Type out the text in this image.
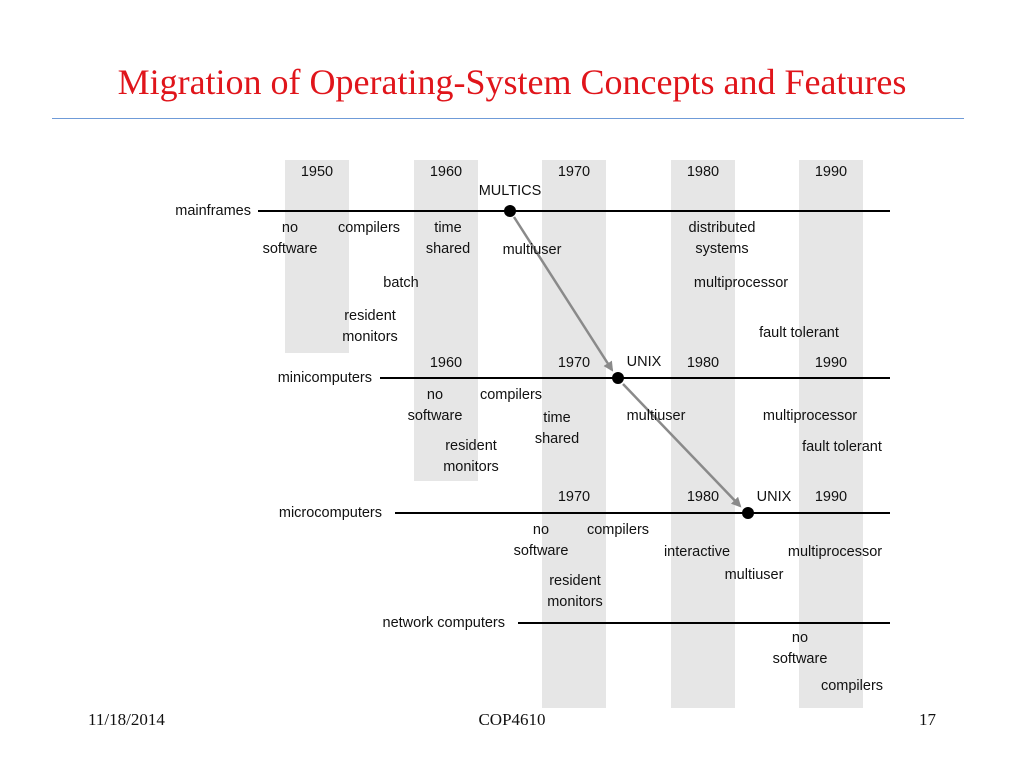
Migration of Operating-System Concepts and Features
1950	1960	1970	1980	1990
mainframes
minicomputers
microcomputers
network computers
MULTICS
UNIX
UNIX
no
software
compilers	time
shared multiuser
batch
resident
monitors
distributed
systems
multiprocessor
fault tolerant
1960	1970	1980	1990
no
software
compilers
time
shared
resident
monitors
multiuser	multiprocessor
fault tolerant
1970	1980	1990
no
software
compilers
resident
monitors
interactive
multiuser
multiprocessor
no
software
compilers
11/18/2014	COP4610	17
